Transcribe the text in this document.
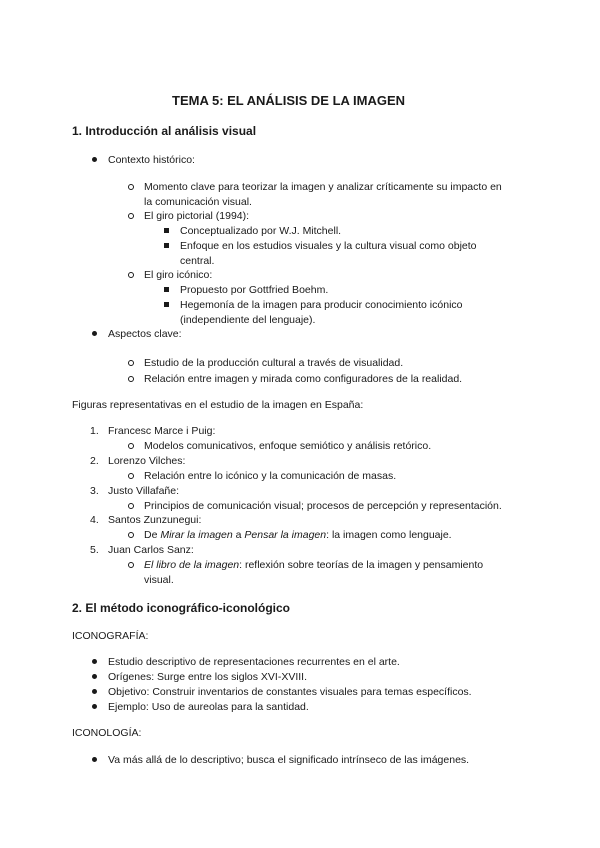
TEMA 5: EL ANÁLISIS DE LA IMAGEN
1. Introducción al análisis visual
Contexto histórico:
Momento clave para teorizar la imagen y analizar críticamente su impacto en
la comunicación visual.
El giro pictorial (1994):
Conceptualizado por W.J. Mitchell.
Enfoque en los estudios visuales y la cultura visual como objeto
central.
El giro icónico:
Propuesto por Gottfried Boehm.
Hegemonía de la imagen para producir conocimiento icónico
(independiente del lenguaje).
Aspectos clave:
Estudio de la producción cultural a través de visualidad.
Relación entre imagen y mirada como configuradores de la realidad.
Figuras representativas en el estudio de la imagen en España:
1. Francesc Marce i Puig:
Modelos comunicativos, enfoque semiótico y análisis retórico.
2. Lorenzo Vilches:
Relación entre lo icónico y la comunicación de masas.
3. Justo Villafañe:
Principios de comunicación visual; procesos de percepción y representación.
4. Santos Zunzunegui:
De Mirar la imagen a Pensar la imagen: la imagen como lenguaje.
5. Juan Carlos Sanz:
El libro de la imagen: reflexión sobre teorías de la imagen y pensamiento
visual.
2. El método iconográfico-iconológico
ICONOGRAFÍA:
Estudio descriptivo de representaciones recurrentes en el arte.
Orígenes: Surge entre los siglos XVI-XVIII.
Objetivo: Construir inventarios de constantes visuales para temas específicos.
Ejemplo: Uso de aureolas para la santidad.
ICONOLOGÍA:
Va más allá de lo descriptivo; busca el significado intrínseco de las imágenes.
